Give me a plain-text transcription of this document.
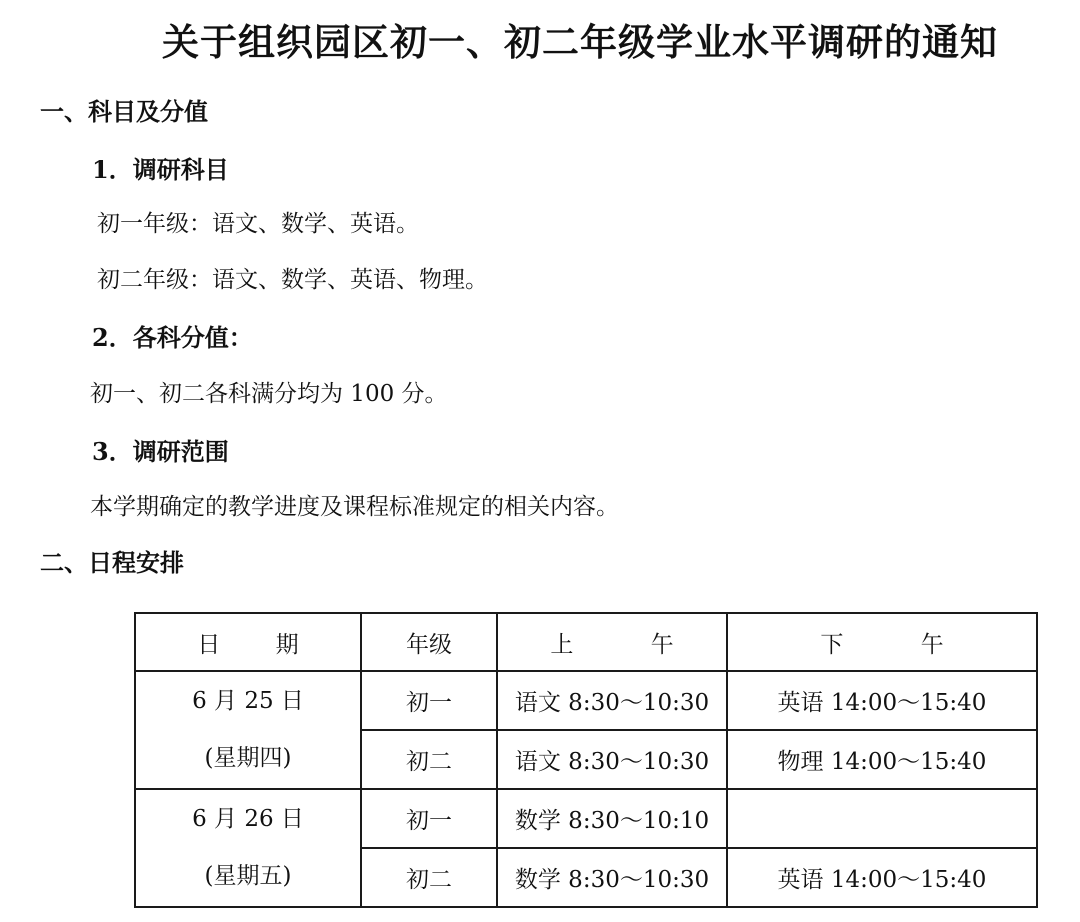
关于组织园区初一、初二年级学业水平调研的通知
一、科目及分值
1．调研科目
初一年级：语文、数学、英语。
初二年级：语文、数学、英语、物理。
2．各科分值：
初一、初二各科满分均为 100 分。
3．调研范围
本学期确定的教学进度及课程标准规定的相关内容。
二、日程安排
日 期	年级	上 午	下 午

6 月 25 日
(星期四)	初一	语文 8:30～10:30	英语 14:00～15:40
	初二	语文 8:30～10:30	物理 14:00～15:40

6 月 26 日
(星期五)	初一	数学 8:30～10:10	
	初二	数学 8:30～10:30	英语 14:00～15:40
